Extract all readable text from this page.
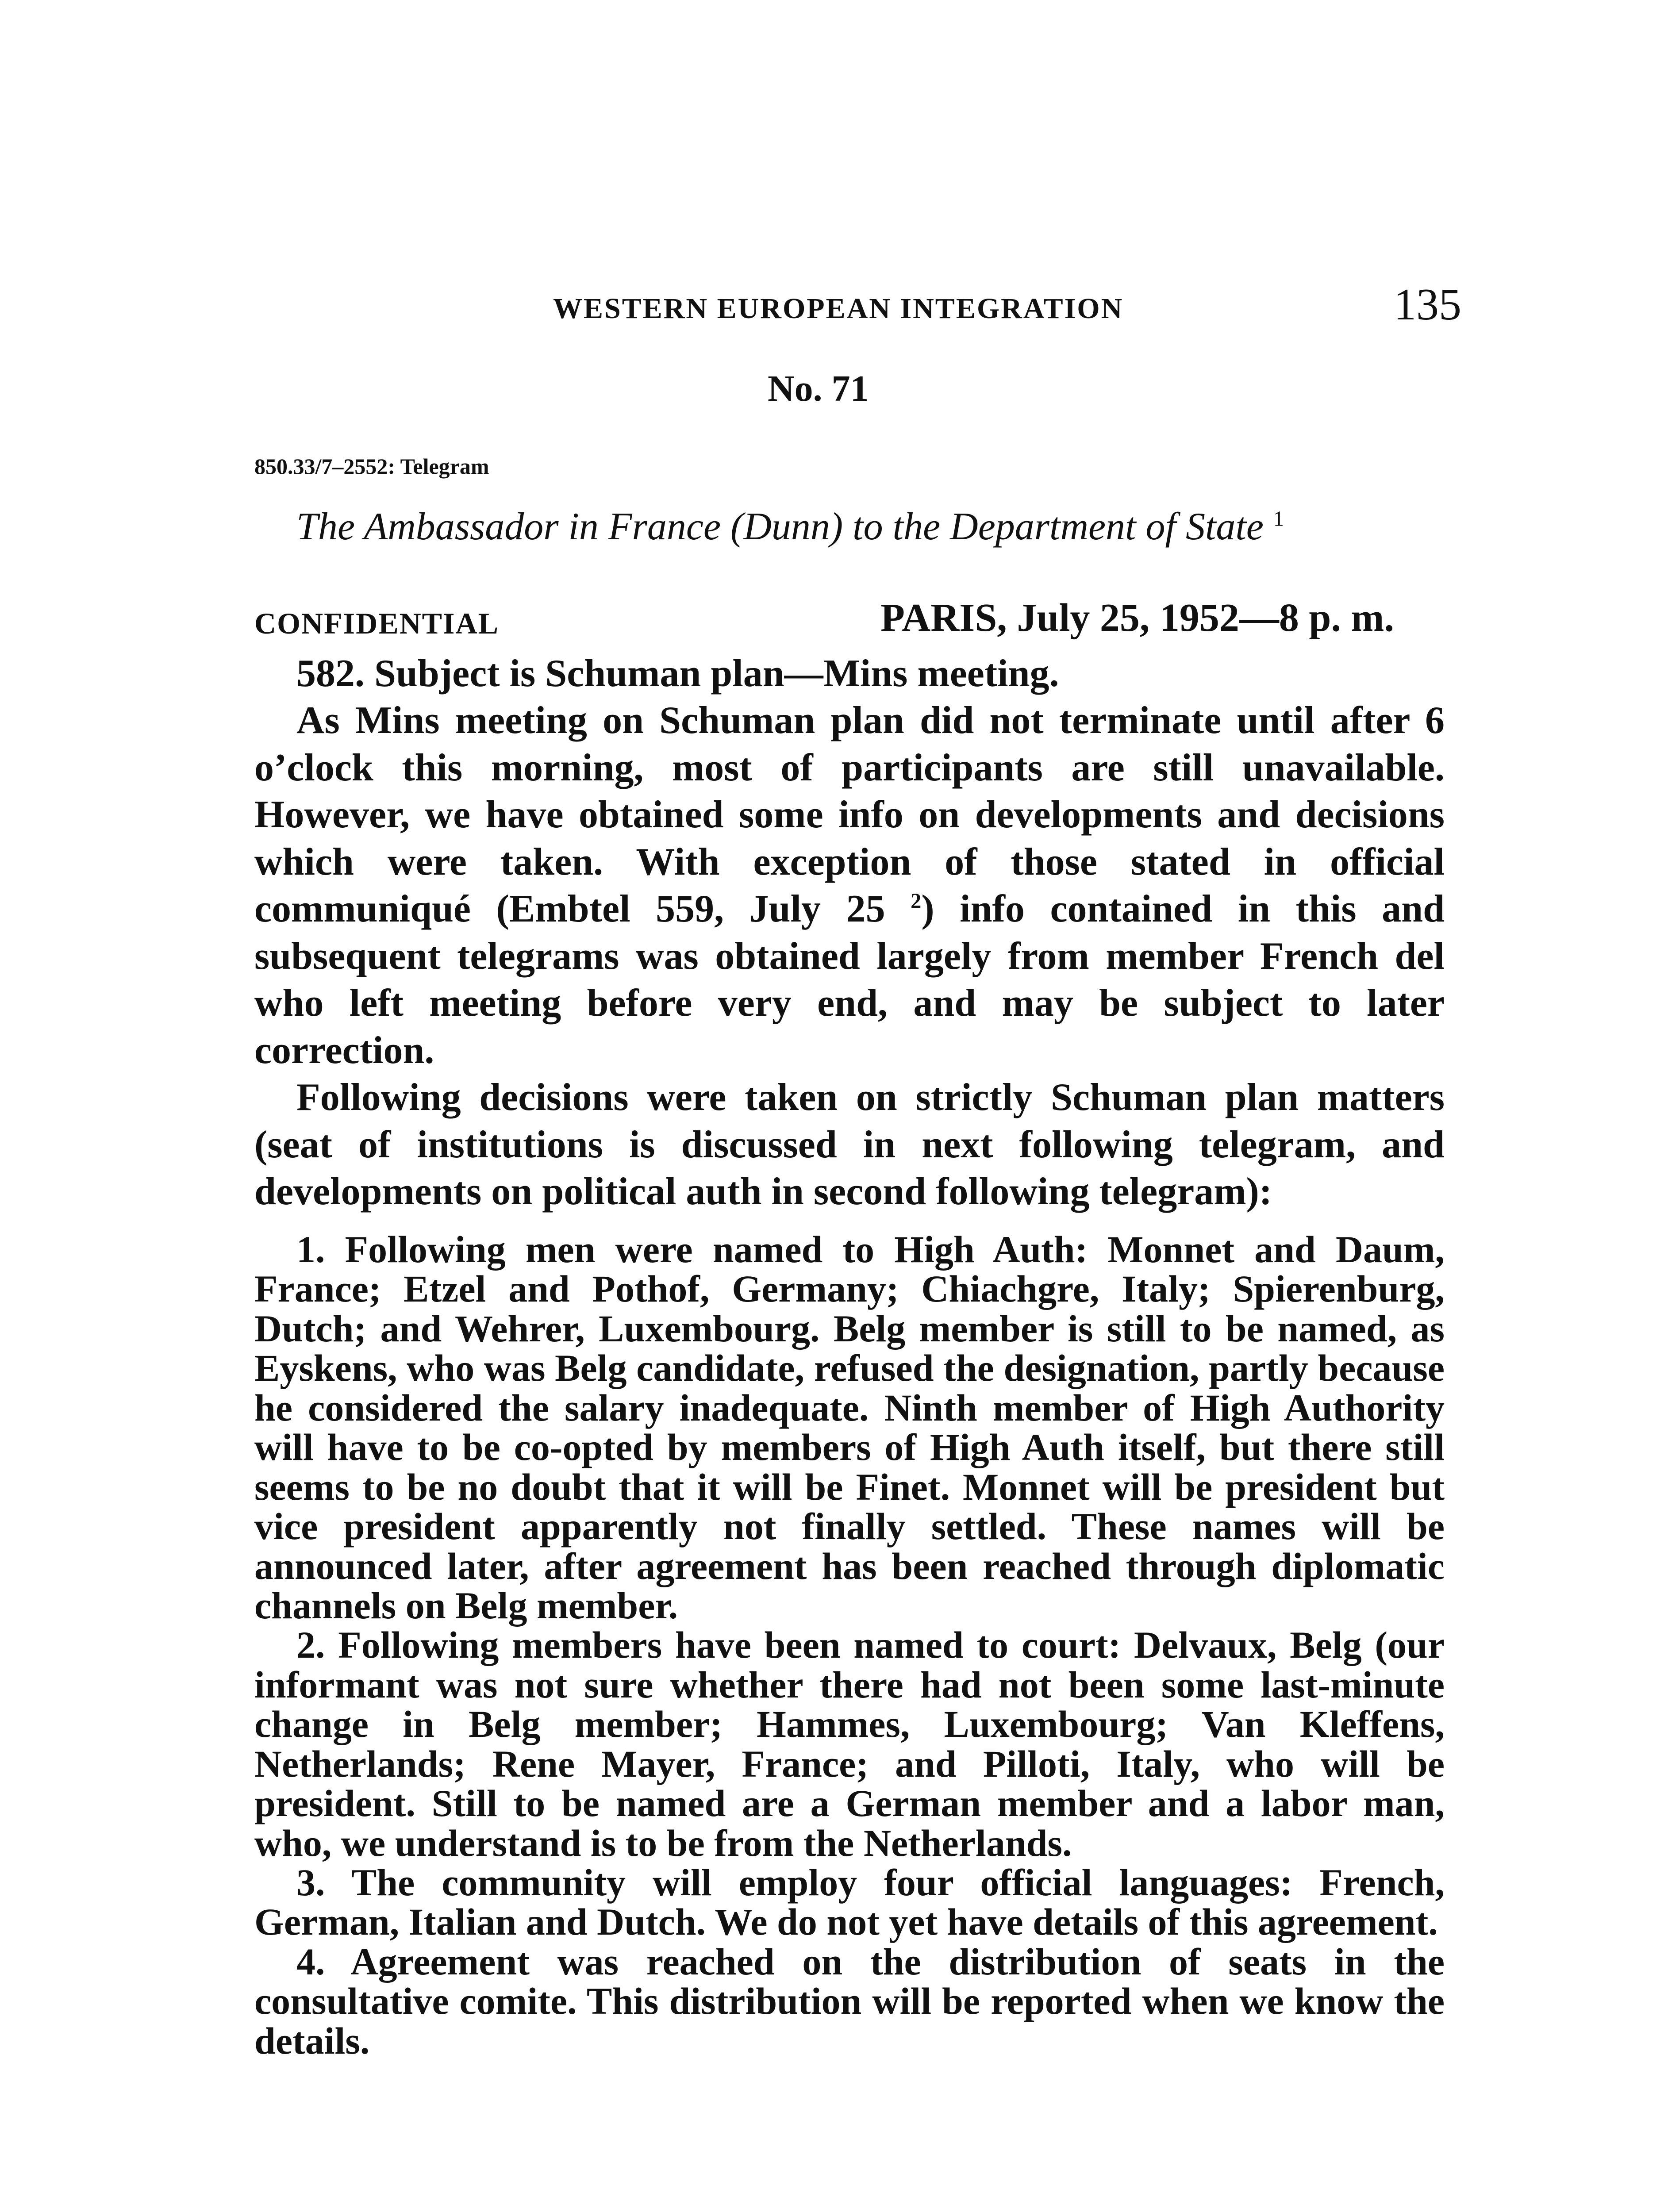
WESTERN EUROPEAN INTEGRATION	135
No. 71
850.33/7–2552: Telegram
The Ambassador in France (Dunn) to the Department of State $^1$
CONFIDENTIAL	PARIS, July 25, 1952—8 p. m.

582. Subject is Schuman plan—Mins meeting.

As Mins meeting on Schuman plan did not terminate until after 6 o’clock this morning, most of participants are still unavailable. However, we have obtained some info on developments and decisions which were taken. With exception of those stated in official communiqué (Embtel 559, July 25 $^2$) info contained in this and subsequent telegrams was obtained largely from member French del who left meeting before very end, and may be subject to later correction.

Following decisions were taken on strictly Schuman plan matters (seat of institutions is discussed in next following telegram, and developments on political auth in second following telegram):

1. Following men were named to High Auth: Monnet and Daum, France; Etzel and Pothof, Germany; Chiachgre, Italy; Spierenburg, Dutch; and Wehrer, Luxembourg. Belg member is still to be named, as Eyskens, who was Belg candidate, refused the designation, partly because he considered the salary inadequate. Ninth member of High Authority will have to be co-opted by members of High Auth itself, but there still seems to be no doubt that it will be Finet. Monnet will be president but vice president apparently not finally settled. These names will be announced later, after agreement has been reached through diplomatic channels on Belg member.

2. Following members have been named to court: Delvaux, Belg (our informant was not sure whether there had not been some last-minute change in Belg member; Hammes, Luxembourg; Van Kleffens, Netherlands; Rene Mayer, France; and Pilloti, Italy, who will be president. Still to be named are a German member and a labor man, who, we understand is to be from the Netherlands.

3. The community will employ four official languages: French, German, Italian and Dutch. We do not yet have details of this agreement.

4. Agreement was reached on the distribution of seats in the consultative comite. This distribution will be reported when we know the details.
